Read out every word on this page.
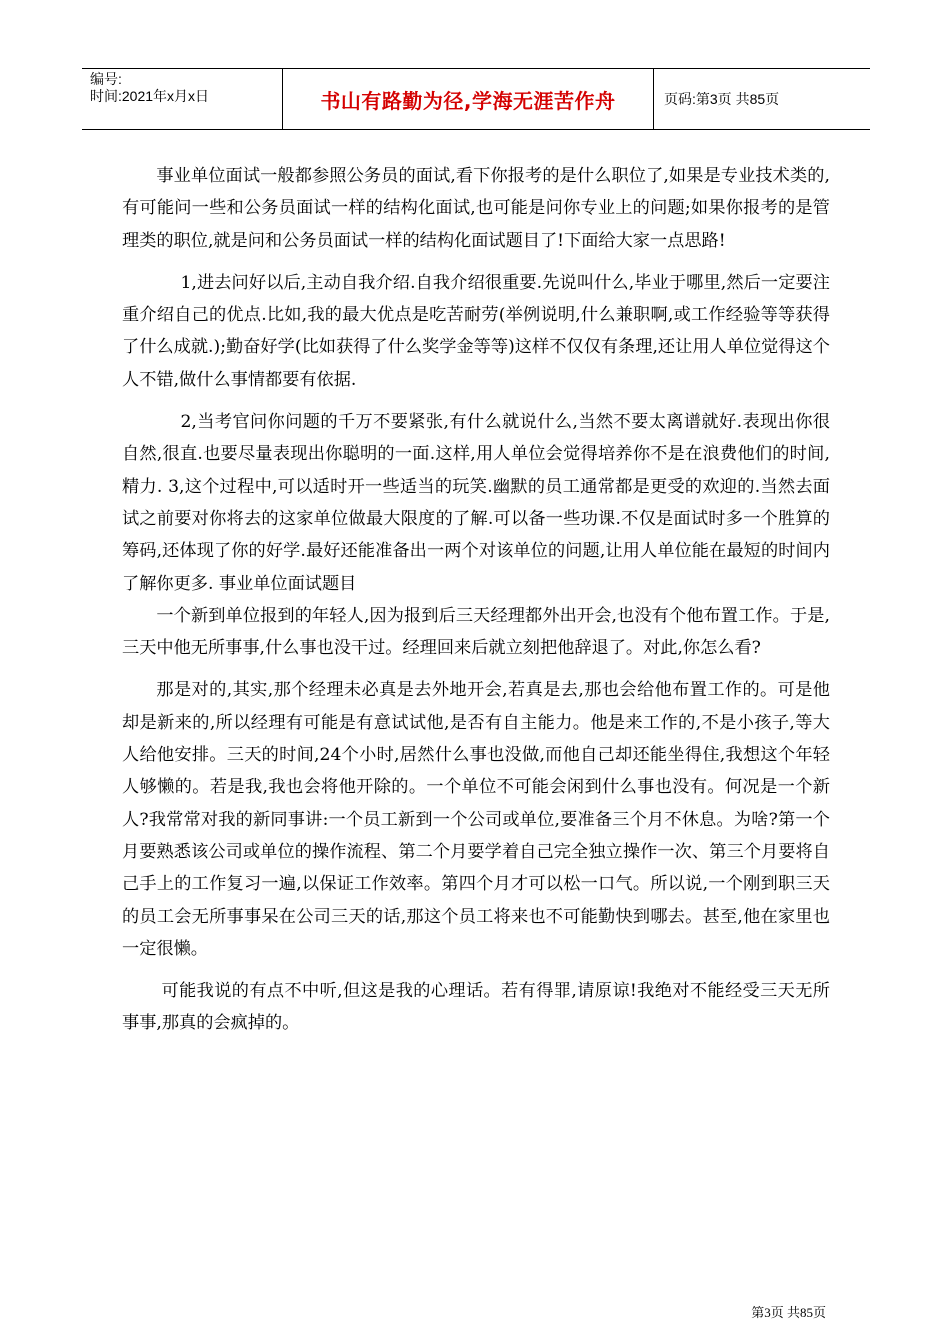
编号:
时间:2021年x月x日	书山有路勤为径,学海无涯苦作舟	页码:第3页 共85页

事业单位面试一般都参照公务员的面试,看下你报考的是什么职位了,如果是专业技术类的,有可能问一些和公务员面试一样的结构化面试,也可能是问你专业上的问题;如果你报考的是管理类的职位,就是问和公务员面试一样的结构化面试题目了!下面给大家一点思路!

1,进去问好以后,主动自我介绍.自我介绍很重要.先说叫什么,毕业于哪里,然后一定要注重介绍自己的优点.比如,我的最大优点是吃苦耐劳(举例说明,什么兼职啊,或工作经验等等获得了什么成就.);勤奋好学(比如获得了什么奖学金等等)这样不仅仅有条理,还让用人单位觉得这个人不错,做什么事情都要有依据.

2,当考官问你问题的千万不要紧张,有什么就说什么,当然不要太离谱就好.表现出你很自然,很直.也要尽量表现出你聪明的一面.这样,用人单位会觉得培养你不是在浪费他们的时间,精力. 3,这个过程中,可以适时开一些适当的玩笑.幽默的员工通常都是更受的欢迎的.当然去面试之前要对你将去的这家单位做最大限度的了解.可以备一些功课.不仅是面试时多一个胜算的筹码,还体现了你的好学.最好还能准备出一两个对该单位的问题,让用人单位能在最短的时间内了解你更多. 事业单位面试题目

一个新到单位报到的年轻人,因为报到后三天经理都外出开会,也没有个他布置工作。于是,三天中他无所事事,什么事也没干过。经理回来后就立刻把他辞退了。对此,你怎么看?

那是对的,其实,那个经理未必真是去外地开会,若真是去,那也会给他布置工作的。可是他却是新来的,所以经理有可能是有意试试他,是否有自主能力。他是来工作的,不是小孩子,等大人给他安排。三天的时间,24个小时,居然什么事也没做,而他自己却还能坐得住,我想这个年轻人够懒的。若是我,我也会将他开除的。一个单位不可能会闲到什么事也没有。何况是一个新人?我常常对我的新同事讲:一个员工新到一个公司或单位,要准备三个月不休息。为啥?第一个月要熟悉该公司或单位的操作流程、第二个月要学着自己完全独立操作一次、第三个月要将自己手上的工作复习一遍,以保证工作效率。第四个月才可以松一口气。所以说,一个刚到职三天的员工会无所事事呆在公司三天的话,那这个员工将来也不可能勤快到哪去。甚至,他在家里也一定很懒。

可能我说的有点不中听,但这是我的心理话。若有得罪,请原谅!我绝对不能经受三天无所事事,那真的会疯掉的。

第3页 共85页
